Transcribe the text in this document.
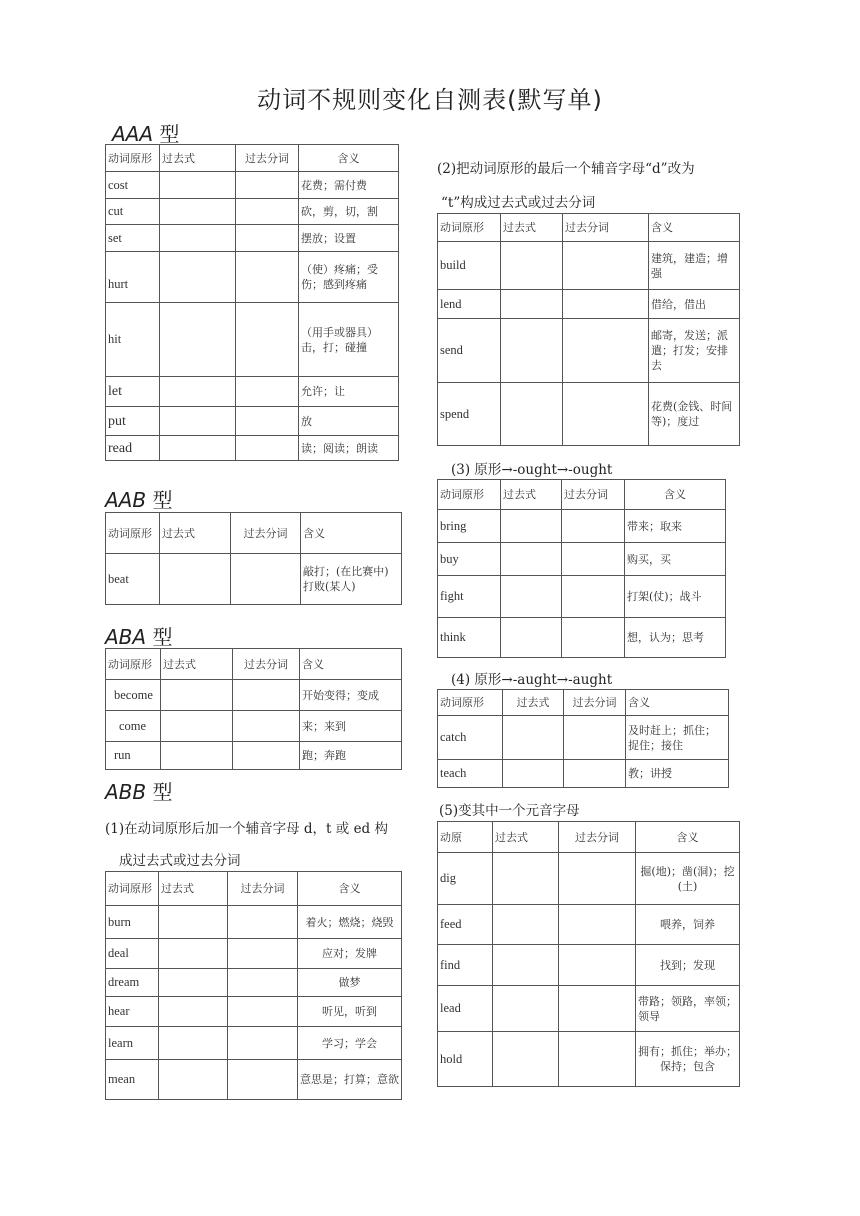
动词不规则变化自测表(默写单)
AAA 型
动词原形	过去式	过去分词	含义
cost			花费；需付费
cut			砍，剪，切，割
set			摆放；设置
hurt			（使）疼痛；受伤；感到疼痛
hit			（用手或器具）击，打；碰撞
let			允许；让
put			放
read			读；阅读；朗读
AAB 型
动词原形	过去式	过去分词	含义
beat			敲打；(在比赛中)打败(某人)
ABA 型
动词原形	过去式	过去分词	含义
become			开始变得；变成
come			来；来到
run			跑；奔跑
ABB 型
(1)在动词原形后加一个辅音字母 d，t 或 ed 构
成过去式或过去分词
动词原形	过去式	过去分词	含义
burn			着火；燃烧；烧毁
deal			应对；发牌
dream			做梦
hear			听见，听到
learn			学习；学会
mean			意思是；打算；意欲
(2)把动词原形的最后一个辅音字母“d”改为
“t”构成过去式或过去分词
动词原形	过去式	过去分词	含义
build			建筑，建造；增强
lend			借给，借出
send			邮寄，发送；派遣；打发；安排去
spend			花费(金钱、时间等)；度过
(3) 原形→-ought→-ought
动词原形	过去式	过去分词	含义
bring			带来；取来
buy			购买，买
fight			打架(仗)；战斗
think			想，认为；思考
(4) 原形→-aught→-aught
动词原形	过去式	过去分词	含义
catch			及时赶上；抓住；捉住；接住
teach			教；讲授
(5)变其中一个元音字母
动原	过去式	过去分词	含义
dig			掘(地)；凿(洞)；挖(土)
feed			喂养，饲养
find			找到；发现
lead			带路；领路，率领；领导
hold			拥有；抓住；举办；保持；包含
